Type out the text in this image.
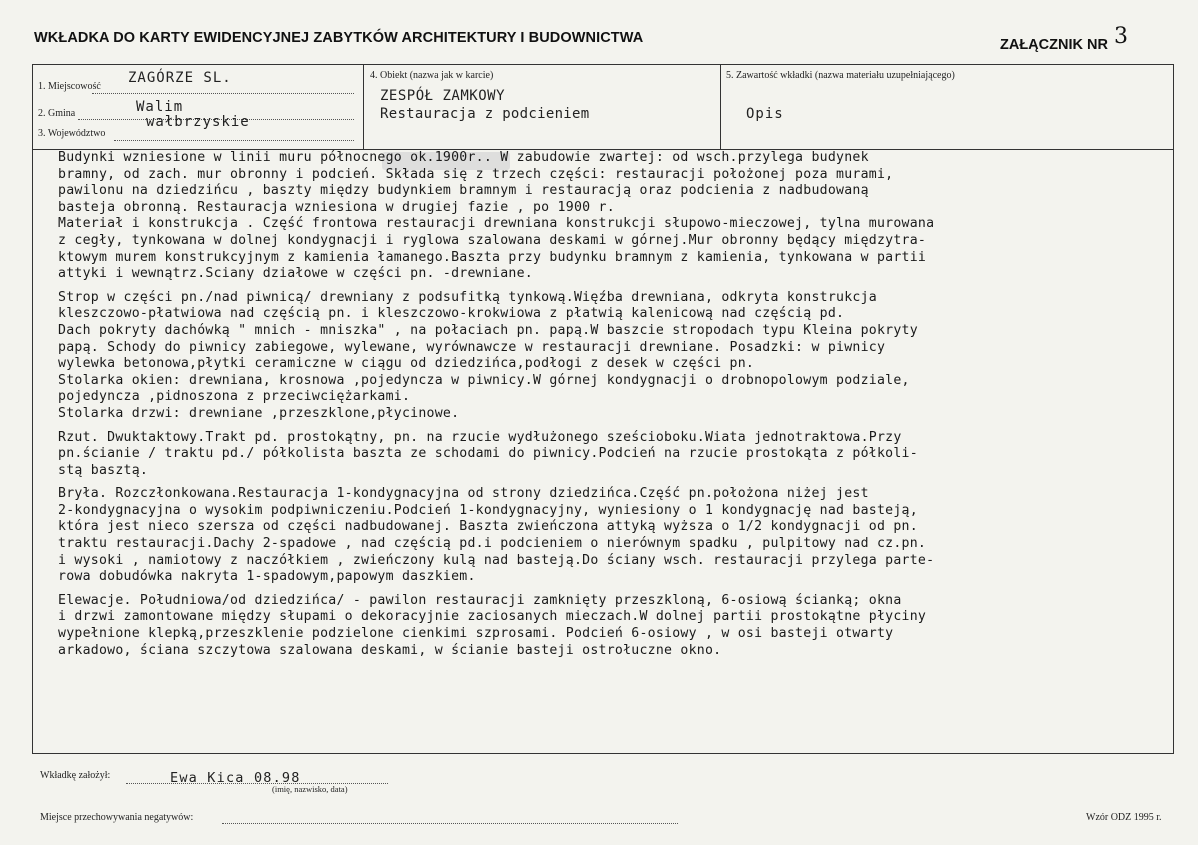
WKŁADKA DO KARTY EWIDENCYJNEJ ZABYTKÓW ARCHITEKTURY I BUDOWNICTWA	ZAŁĄCZNIK NR 3
1. Miejscowość
ZAGÓRZE SL.
2. Gmina	Walim
3. Województwo
wałbrzyskie
4. Obiekt (nazwa jak w karcie)
ZESPÓŁ ZAMKOWY
Restauracja z podcieniem
5. Zawartość wkładki (nazwa materiału uzupełniającego)
Opis
Budynki wzniesione w linii muru północnego ok.1900r.. W zabudowie zwartej: od wsch.przylega budynek
bramny, od zach. mur obronny i podcień. Składa się z trzech części: restauracji położonej poza murami,
pawilonu na dziedzińcu , baszty między budynkiem bramnym i restauracją oraz podcienia z nadbudowaną
bastejа obronną. Restauracja wzniesiona w drugiej fazie , po 1900 r.
Materiał i konstrukcja . Część frontowa restauracji drewniana konstrukcji słupowo-mieczowej, tylna murowana
z cegły, tynkowana w dolnej kondygnacji i ryglowa szalowana deskami w górnej.Mur obronny będący międzytra-
ktowym murem konstrukcyjnym z kamienia łamanego.Baszta przy budynku bramnym z kamienia, tynkowana w partii
attyki i wewnątrz.Sciany działowe w części pn. -drewniane.
Strop w części pn./nad piwnicą/ drewniany z podsufitką tynkową.Więźba drewniana, odkryta konstrukcja
kleszczowo-płatwiowa nad częścią pn. i kleszczowo-krokwiowa z płatwią kalenicową nad częścią pd.
Dach pokryty dachówką " mnich - mniszka" , na połaciach pn. papą.W baszcie stropodach typu Kleina pokryty
papą. Schody do piwnicy zabiegowe, wylewane, wyrównawcze w restauracji drewniane. Posadzki: w piwnicy
wylewka betonowa,płytki ceramiczne w ciągu od dziedzińca,podłogi z desek w części pn.
Stolarka okien: drewniana, krosnowa ,pojedyncza w piwnicy.W górnej kondygnacji o drobnopolowym podziale,
pojedyncza ,pidnoszona z przeciwciężarkami.
Stolarka drzwi: drewniane ,przeszklone,płycinowe.
Rzut. Dwuktaktowy.Trakt pd. prostokątny, pn. na rzucie wydłużonego sześcioboku.Wiata jednotraktowa.Przy
pn.ścianie / traktu pd./ półkolista baszta ze schodami do piwnicy.Podcień na rzucie prostokąta z półkoli-
stą basztą.
Bryła. Rozczłonkowana.Restauracja 1-kondygnacyjna od strony dziedzińca.Część pn.położona niżej jest
2-kondygnacyjna o wysokim podpiwniczeniu.Podcień 1-kondygnacyjny, wyniesiony o 1 kondygnację nad basteją,
która jest nieco szersza od części nadbudowanej. Baszta zwieńczona attyką wyższa o 1/2 kondygnacji od pn.
traktu restauracji.Dachy 2-spadowe , nad częścią pd.i podcieniem o nierównym spadku , pulpitowy nad cz.pn.
i wysoki , namiotowy z naczółkiem , zwieńczony kulą nad basteją.Do ściany wsch. restauracji przylega parte-
rowa dobudówka nakryta 1-spadowym,papowym daszkiem.
Elewacje. Południowa/od dziedzińca/ - pawilon restauracji zamknięty przeszkloną, 6-osiową ścianką; okna
i drzwi zamontowane między słupami o dekoracyjnie zaciosanych mieczach.W dolnej partii prostokątne płyciny
wypełnione klepką,przeszklenie podzielone cienkimi szprosami. Podcień 6-osiowy , w osi basteji otwarty
arkadowo, ściana szczytowa szalowana deskami, w ścianie basteji ostrołuczne okno.
Wkładkę założył:	Ewa Kica 08.98
(imię, nazwisko, data)
Miejsce przechowywania negatywów:	Wzór ODZ 1995 r.
